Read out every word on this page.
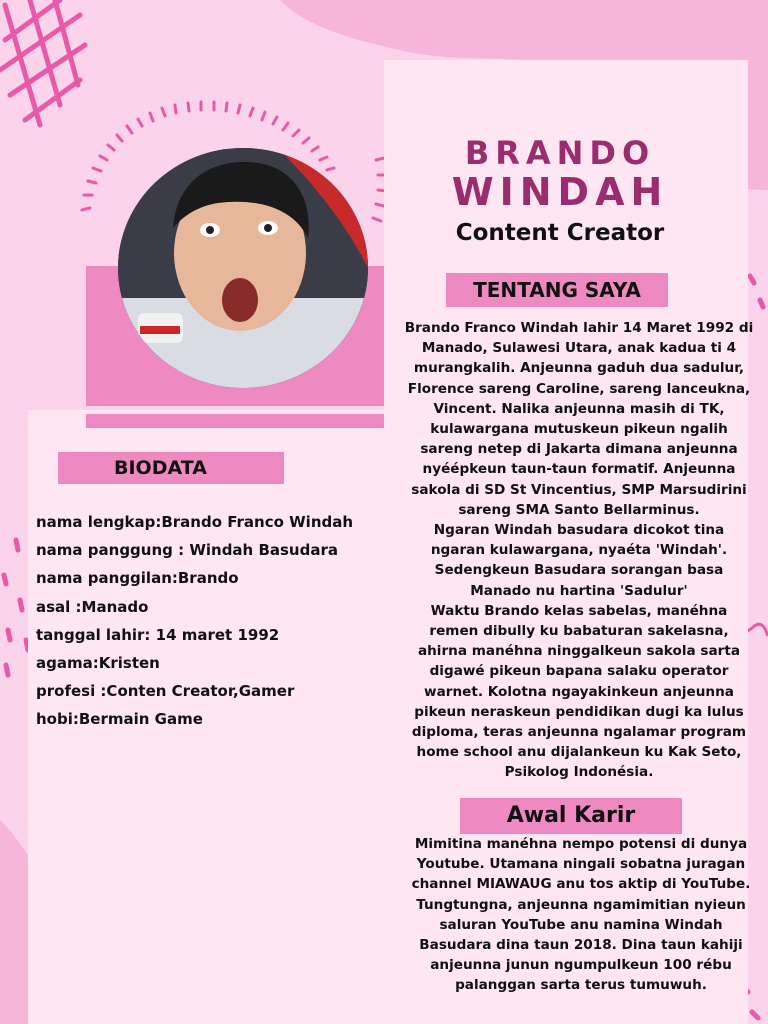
BRANDO
WINDAH
Content Creator
TENTANG SAYA
Brando Franco Windah lahir 14 Maret 1992 di
Manado, Sulawesi Utara, anak kadua ti 4
murangkalih. Anjeunna gaduh dua sadulur,
Florence sareng Caroline, sareng lanceukna,
Vincent. Nalika anjeunna masih di TK,
kulawargana mutuskeun pikeun ngalih
sareng netep di Jakarta dimana anjeunna
nyéépkeun taun-taun formatif. Anjeunna
sakola di SD St Vincentius, SMP Marsudirini
sareng SMA Santo Bellarminus.
Ngaran Windah basudara dicokot tina
ngaran kulawargana, nyaéta 'Windah'.
Sedengkeun Basudara sorangan basa
Manado nu hartina 'Sadulur'
Waktu Brando kelas sabelas, manéhna
remen dibully ku babaturan sakelasna,
ahirna manéhna ninggalkeun sakola sarta
digawé pikeun bapana salaku operator
warnet. Kolotna ngayakinkeun anjeunna
pikeun neraskeun pendidikan dugi ka lulus
diploma, teras anjeunna ngalamar program
home school anu dijalankeun ku Kak Seto,
Psikolog Indonésia.
Awal Karir
Mimitina manéhna nempo potensi di dunya
Youtube. Utamana ningali sobatna juragan
channel MIAWAUG anu tos aktip di YouTube.
Tungtungna, anjeunna ngamimitian nyieun
saluran YouTube anu namina Windah
Basudara dina taun 2018. Dina taun kahiji
anjeunna junun ngumpulkeun 100 rébu
palanggan sarta terus tumuwuh.
BIODATA
nama lengkap:Brando Franco Windah
nama panggung : Windah Basudara
nama panggilan:Brando
asal :Manado
tanggal lahir: 14 maret 1992
agama:Kristen
profesi :Conten Creator,Gamer
hobi:Bermain Game
